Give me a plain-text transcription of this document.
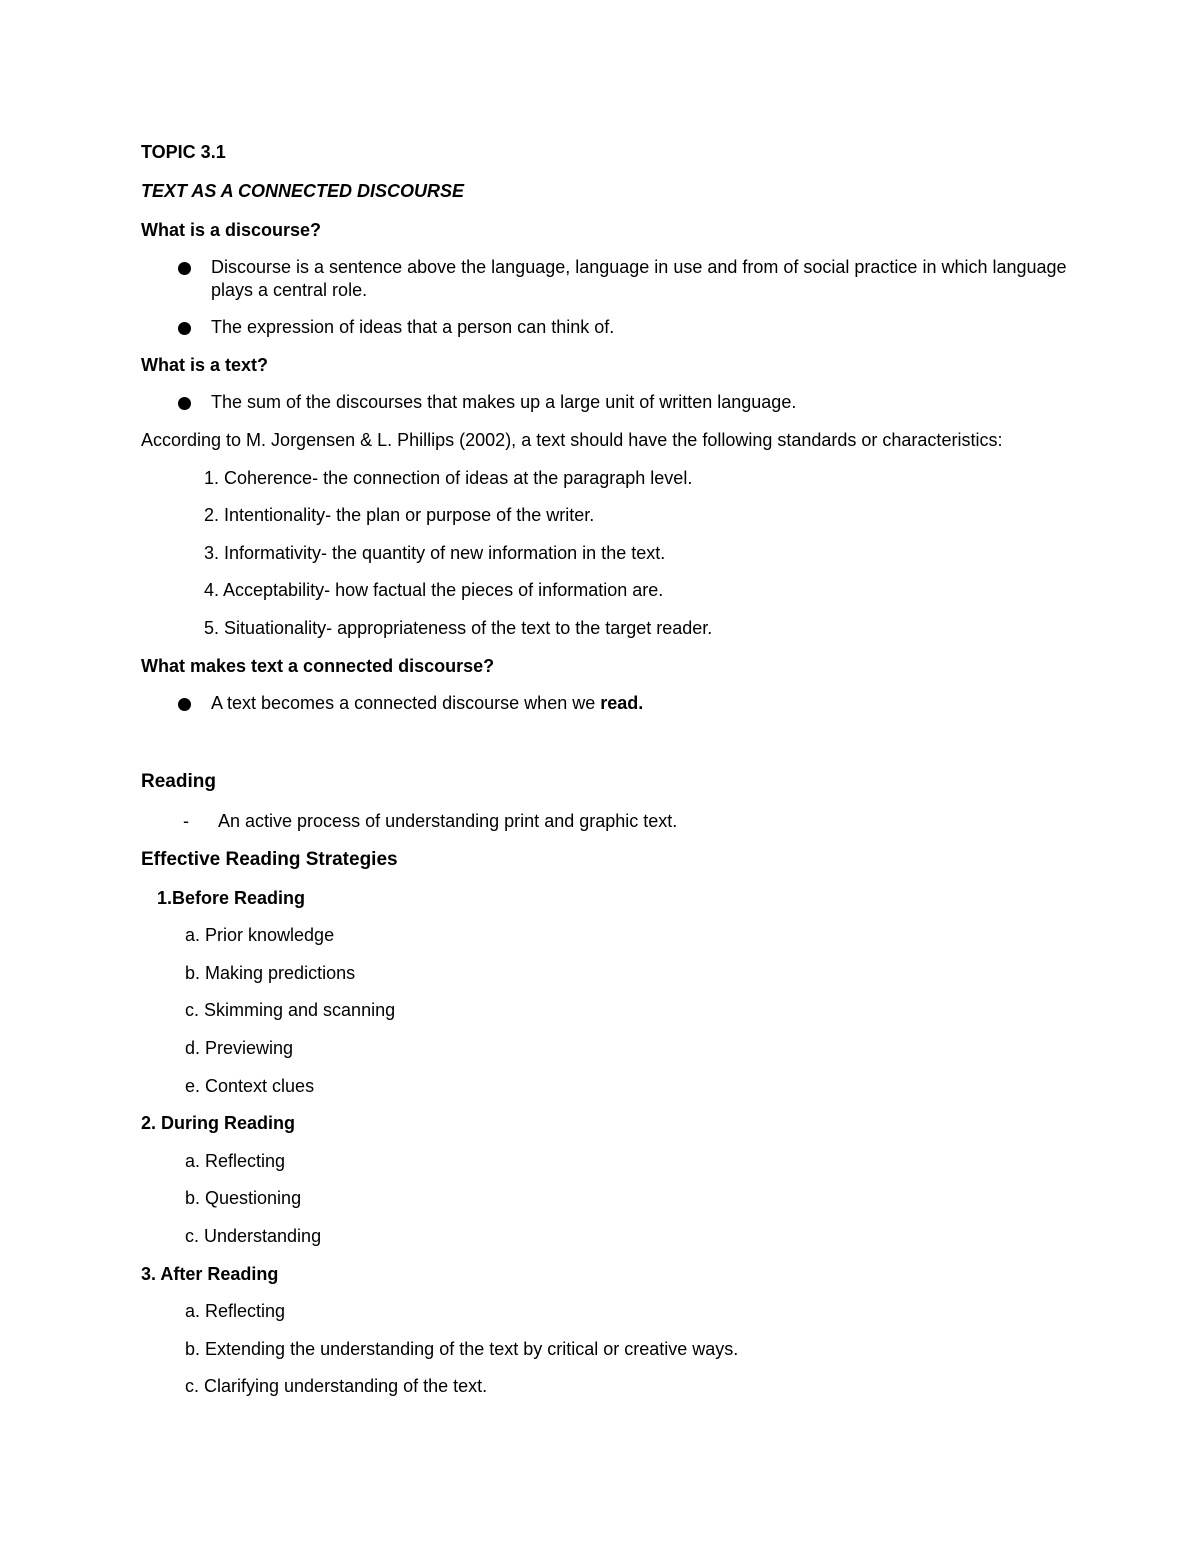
TOPIC 3.1
TEXT AS A CONNECTED DISCOURSE
What is a discourse?
Discourse is a sentence above the language, language in use and from of social practice in which language
plays a central role.
The expression of ideas that a person can think of.
What is a text?
The sum of the discourses that makes up a large unit of written language.
According to M. Jorgensen & L. Phillips (2002), a text should have the following standards or characteristics:
1. Coherence- the connection of ideas at the paragraph level.
2. Intentionality- the plan or purpose of the writer.
3. Informativity- the quantity of new information in the text.
4. Acceptability- how factual the pieces of information are.
5. Situationality- appropriateness of the text to the target reader.
What makes text a connected discourse?
A text becomes a connected discourse when we read.
Reading
- An active process of understanding print and graphic text.
Effective Reading Strategies
1.Before Reading
a. Prior knowledge
b. Making predictions
c. Skimming and scanning
d. Previewing
e. Context clues
2. During Reading
a. Reflecting
b. Questioning
c. Understanding
3. After Reading
a. Reflecting
b. Extending the understanding of the text by critical or creative ways.
c. Clarifying understanding of the text.
